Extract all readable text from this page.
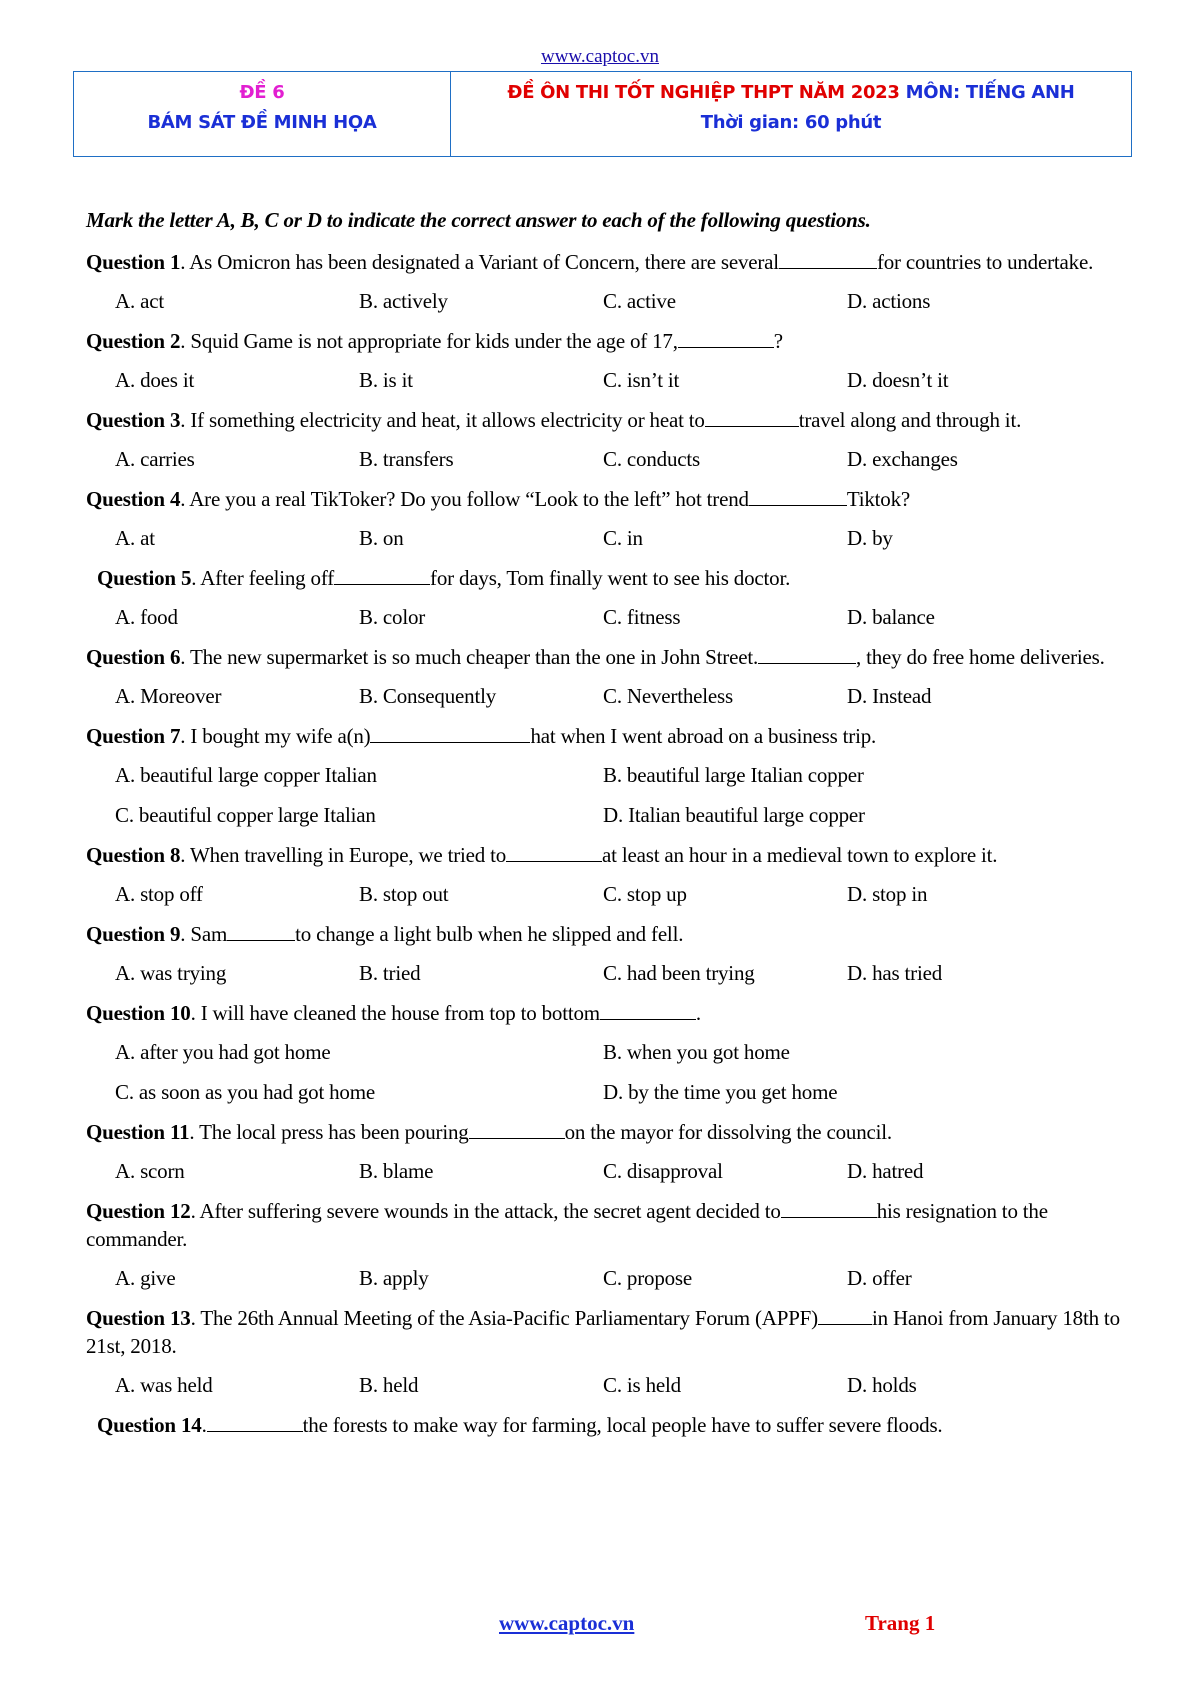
www.captoc.vn
ĐỀ 6
BÁM SÁT ĐỀ MINH HỌA
ĐỀ ÔN THI TỐT NGHIỆP THPT NĂM 2023 MÔN: TIẾNG ANH
Thời gian: 60 phút
Mark the letter A, B, C or D to indicate the correct answer to each of the following questions.
Question 1. As Omicron has been designated a Variant of Concern, there are several	for countries to undertake.
A. act	B. actively	C. active	D. actions
Question 2. Squid Game is not appropriate for kids under the age of 17,	?
A. does it	B. is it	C. isn’t it	D. doesn’t it
Question 3. If something electricity and heat, it allows electricity or heat to	travel along and through it.
A. carries	B. transfers	C. conducts	D. exchanges
Question 4. Are you a real TikToker? Do you follow “Look to the left” hot trend	Tiktok?
A. at	B. on	C. in	D. by
Question 5. After feeling off	for days, Tom finally went to see his doctor.
A. food	B. color	C. fitness	D. balance
Question 6. The new supermarket is so much cheaper than the one in John Street.	, they do free home deliveries.
A. Moreover	B. Consequently	C. Nevertheless	D. Instead
Question 7. I bought my wife a(n)	hat when I went abroad on a business trip.
A. beautiful large copper Italian	B. beautiful large Italian copper
C. beautiful copper large Italian	D. Italian beautiful large copper
Question 8. When travelling in Europe, we tried to	at least an hour in a medieval town to explore it.
A. stop off	B. stop out	C. stop up	D. stop in
Question 9. Sam	to change a light bulb when he slipped and fell.
A. was trying	B. tried	C. had been trying	D. has tried
Question 10. I will have cleaned the house from top to bottom	.
A. after you had got home	B. when you got home
C. as soon as you had got home	D. by the time you get home
Question 11. The local press has been pouring	on the mayor for dissolving the council.
A. scorn	B. blame	C. disapproval	D. hatred
Question 12. After suffering severe wounds in the attack, the secret agent decided to	his resignation to the commander.
A. give	B. apply	C. propose	D. offer
Question 13. The 26th Annual Meeting of the Asia-Pacific Parliamentary Forum (APPF)	in Hanoi from January 18th to 21st, 2018.
A. was held	B. held	C. is held	D. holds
Question 14.	the forests to make way for farming, local people have to suffer severe floods.
www.captoc.vn	Trang 1
